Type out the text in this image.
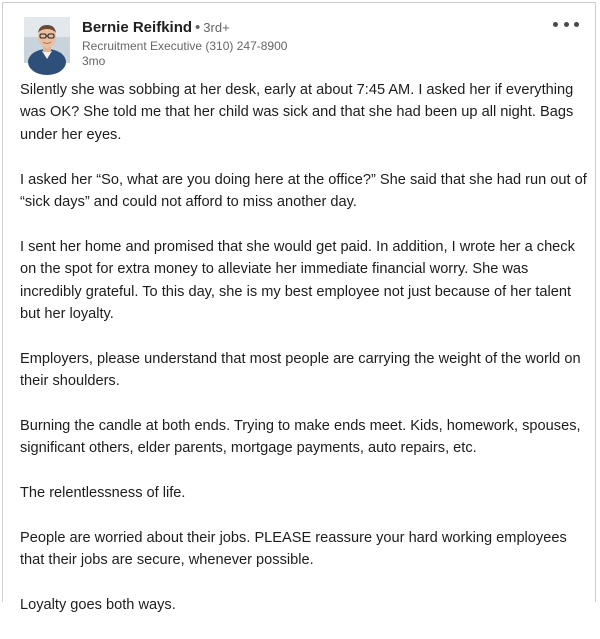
Bernie Reifkind • 3rd+
Recruitment Executive (310) 247-8900
3mo

Silently she was sobbing at her desk, early at about 7:45 AM. I asked her if everything was OK? She told me that her child was sick and that she had been up all night. Bags under her eyes.

I asked her “So, what are you doing here at the office?” She said that she had run out of “sick days” and could not afford to miss another day.

I sent her home and promised that she would get paid. In addition, I wrote her a check on the spot for extra money to alleviate her immediate financial worry. She was incredibly grateful. To this day, she is my best employee not just because of her talent but her loyalty.

Employers, please understand that most people are carrying the weight of the world on their shoulders.

Burning the candle at both ends. Trying to make ends meet. Kids, homework, spouses, significant others, elder parents, mortgage payments, auto repairs, etc.

The relentlessness of life.

People are worried about their jobs. PLEASE reassure your hard working employees that their jobs are secure, whenever possible.

Loyalty goes both ways.
